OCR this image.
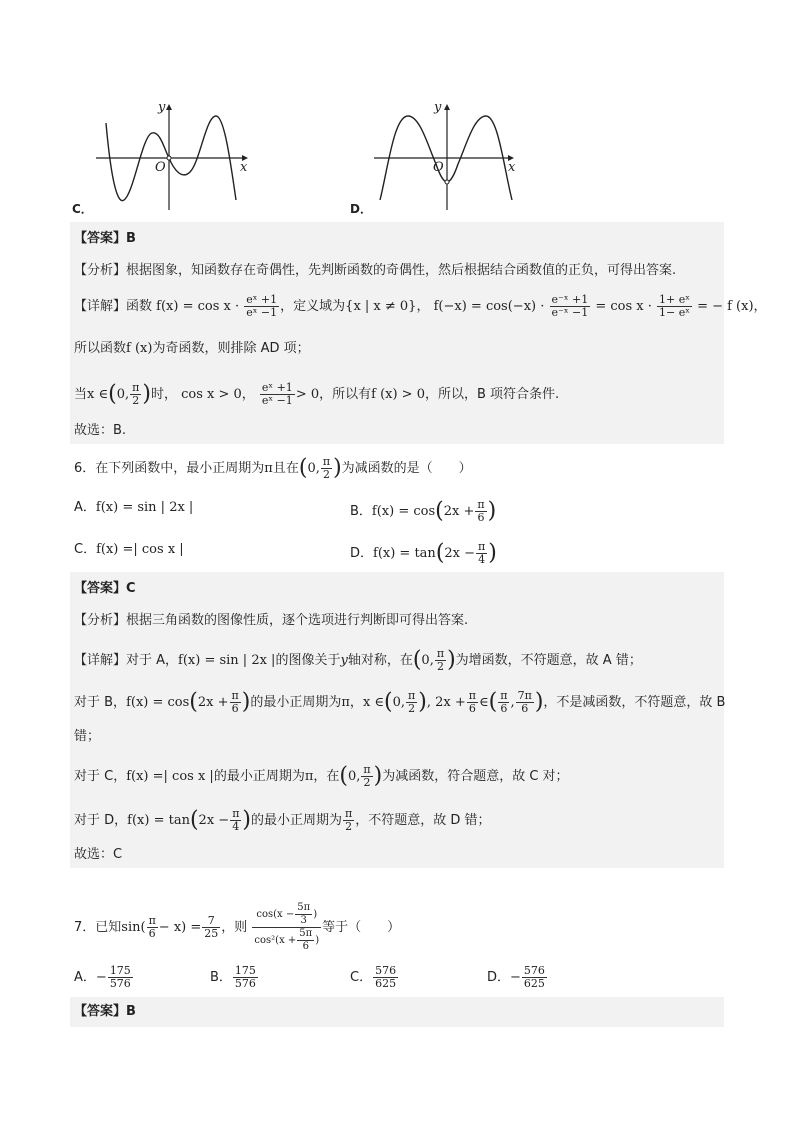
y
x
O
C．
y
x
O
D．
【答案】B
【分析】根据图象，知函数存在奇偶性，先判断函数的奇偶性，然后根据结合函数值的正负，可得出答案.
【详解】函数 $f(x) = \cos x \cdot \frac{\text{eˣ +1}}{\text{eˣ −1}}$ ，定义域为{x | x ≠ 0}， $f(-x) = \cos(-x) \cdot \frac{\text{e⁻ˣ +1}}{\text{e⁻ˣ −1}} = \cos x \cdot \frac{\text{1+ eˣ}}{\text{1− eˣ}}$ = − f (x)，
所以函数f (x)为奇函数，则排除 AD 项；
当x ∈(0, $\frac{\pi}{2}$ )时， cos x > 0， $\frac{\text{eˣ +1}}{\text{eˣ −1}} > 0$，所以有f (x) > 0，所以，B 项符合条件.
故选：B.
6．在下列函数中，最小正周期为π且在(0, $\frac{\pi}{2}$ )为减函数的是（　　）
A．f(x) = sin | 2x |	B．$f(x) = \cos(2x + \frac{\pi}{6}$ )
C．f(x) =| cos x |	D．$f(x) = \tan(2x - \frac{\pi}{4}$ )
【答案】C
【分析】根据三角函数的图像性质，逐个选项进行判断即可得出答案.
【详解】对于 A，f(x) = sin | 2x |的图像关于y轴对称，在(0, $\frac{\pi}{2}$ )为增函数，不符题意，故 A 错；
对于 B，$f(x) = \cos(2x + \frac{\pi}{6}$ )的最小正周期为π，x ∈(0, $\frac{\pi}{2}$ ), $2x + \frac{\pi}{6}$ ∈( $\frac{\pi}{6}$ , $\frac{7\pi}{6}$ )，不是减函数，不符题意，故 B
错；
对于 C，f(x) =| cos x |的最小正周期为π，在(0, $\frac{\pi}{2}$ )为减函数，符合题意，故 C 对；
对于 D，$f(x) = \tan(2x - \frac{\pi}{4}$ )的最小正周期为 $\frac{\pi}{2}$ ，不符题意，故 D 错；
故选：C
7．已知$\sin( \frac{\pi}{6} - x) = \frac{7}{25}$ ，则 $\frac{\cos(x - \frac{5\pi}{3} )}{\cos^2(x + \frac{5\pi}{6} )}$ 等于（　　）
A．− $\frac{175}{576}$	B． $\frac{175}{576}$	C． $\frac{576}{625}$	D．− $\frac{576}{625}$
【答案】B
